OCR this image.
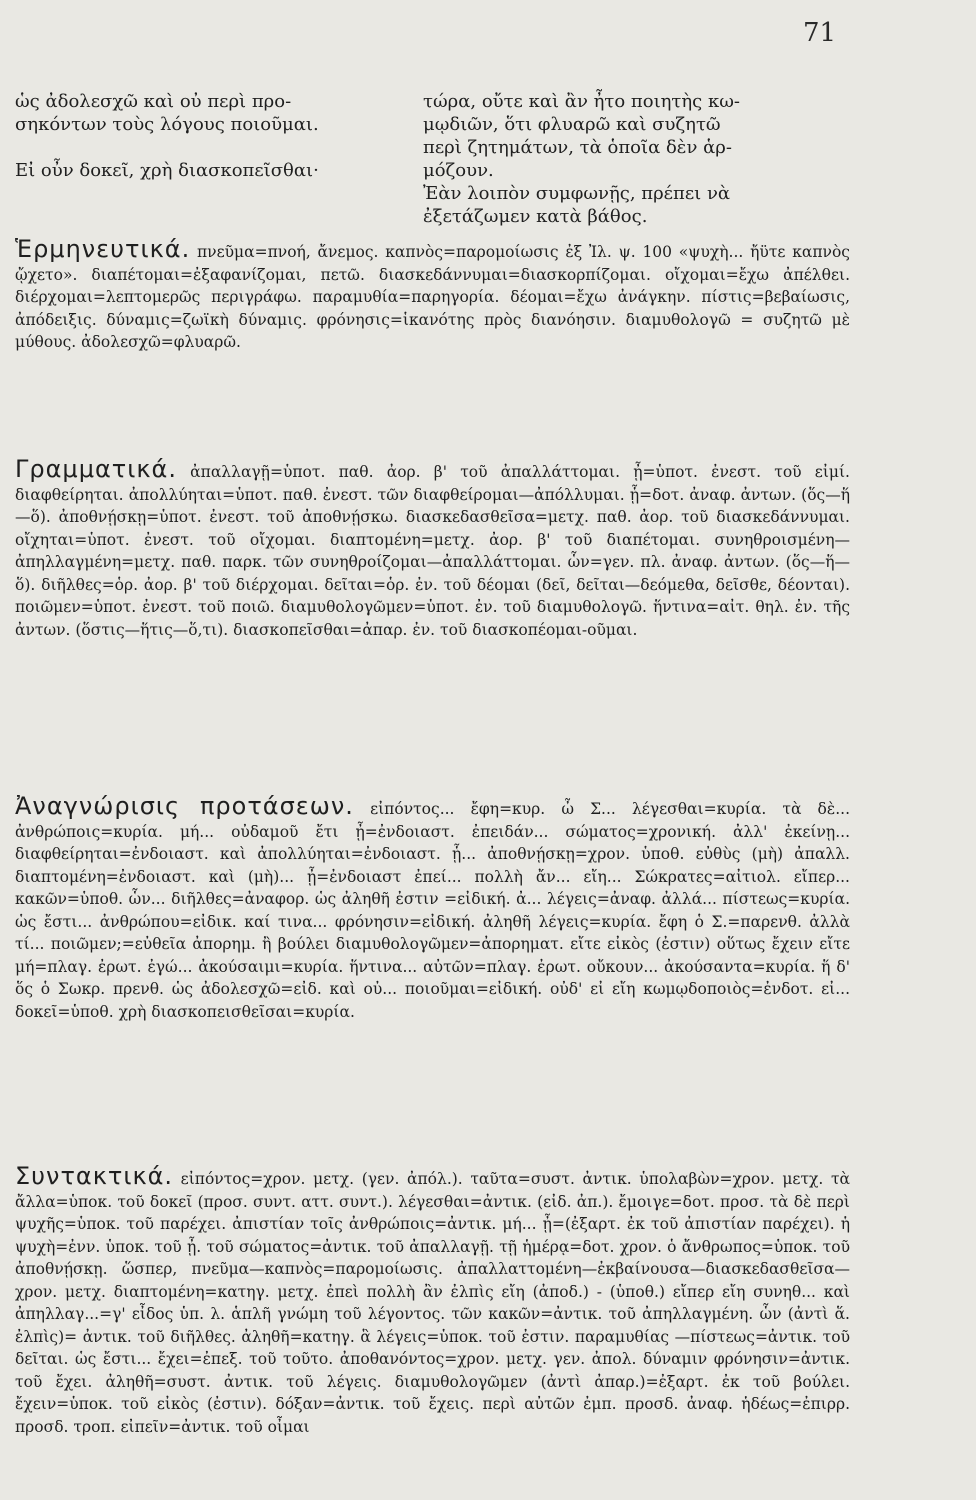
71
ὡς ἀδολεσχῶ καὶ οὐ περὶ προ-
σηκόντων τοὺς λόγους ποιοῦμαι.
Εἰ οὖν δοκεῖ, χρὴ διασκοπεῖσθαι·
τώρα, οὔτε καὶ ἂν ἦτο ποιητὴς κω-
μῳδιῶν, ὅτι φλυαρῶ καὶ συζητῶ
περὶ ζητημάτων, τὰ ὁποῖα δὲν ἁρ-
μόζουν.
Ἐὰν λοιπὸν συμφωνῇς, πρέπει νὰ
ἐξετάζωμεν κατὰ βάθος.
Ἑρμηνευτικά. πνεῦμα=πνοή, ἄνεμος. καπνὸς=παρομοίωσις ἐξ Ἰλ. ψ. 100 «ψυχὴ... ἤϋτε καπνὸς ᾤχετο». διαπέτομαι=ἐξαφανίζομαι, πετῶ. διασκεδάννυμαι=διασκορπίζομαι. οἴχομαι=ἔχω ἀπέλθει. διέρχομαι=λεπτομερῶς περιγράφω. παραμυθία=παρηγορία. δέομαι=ἔχω ἀνάγκην. πίστις=βεβαίωσις, ἀπόδειξις. δύναμις=ζωϊκὴ δύναμις. φρόνησις=ἱκανότης πρὸς διανόησιν. διαμυθολογῶ = συζητῶ μὲ μύθους. ἀδολεσχῶ=φλυαρῶ.
Γραμματικά. ἀπαλλαγῇ=ὑποτ. παθ. ἀορ. β' τοῦ ἀπαλλάττομαι. ᾖ=ὑποτ. ἐνεστ. τοῦ εἰμί. διαφθείρηται. ἀπολλύηται=ὑποτ. παθ. ἐνεστ. τῶν διαφθείρομαι—ἀπόλλυμαι. ᾗ=δοτ. ἀναφ. ἀντων. (ὅς—ἥ—ὅ). ἀποθνῄσκῃ=ὑποτ. ἐνεστ. τοῦ ἀποθνῄσκω. διασκεδασθεῖσα=μετχ. παθ. ἀορ. τοῦ διασκεδάννυμαι. οἴχηται=ὑποτ. ἐνεστ. τοῦ οἴχομαι. διαπτομένη=μετχ. ἀορ. β' τοῦ διαπέτομαι. συνηθροισμένη—ἀπηλλαγμένη=μετχ. παθ. παρκ. τῶν συνηθροίζομαι—ἀπαλλάττομαι. ὧν=γεν. πλ. ἀναφ. ἀντων. (ὅς—ἥ—ὅ). διῆλθες=ὁρ. ἀορ. β' τοῦ διέρχομαι. δεῖται=ὁρ. ἐν. τοῦ δέομαι (δεῖ, δεῖται—δεόμεθα, δεῖσθε, δέονται). ποιῶμεν=ὑποτ. ἐνεστ. τοῦ ποιῶ. διαμυθολογῶμεν=ὑποτ. ἐν. τοῦ διαμυθολογῶ. ἥντινα=αἰτ. θηλ. ἐν. τῆς ἀντων. (ὅστις—ἥτις—ὅ,τι). διασκοπεῖσθαι=ἀπαρ. ἐν. τοῦ διασκοπέομαι-οῦμαι.
Ἀναγνώρισις προτάσεων. εἰπόντος... ἔφη=κυρ. ὦ Σ... λέγεσθαι=κυρία. τὰ δὲ... ἀνθρώποις=κυρία. μή... οὐδαμοῦ ἔτι ᾖ=ἐνδοιαστ. ἐπειδάν... σώματος=χρονική. ἀλλ' ἐκείνῃ... διαφθείρηται=ἐνδοιαστ. καὶ ἀπολλύηται=ἐνδοιαστ. ᾗ... ἀποθνῄσκῃ=χρον. ὑποθ. εὐθὺς (μὴ) ἀπαλλ. διαπτομένη=ἐνδοιαστ. καὶ (μὴ)... ᾖ=ἐνδοιαστ ἐπεί... πολλὴ ἄν... εἴη... Σώκρατες=αἰτιολ. εἴπερ... κακῶν=ὑποθ. ὧν... διῆλθες=ἀναφορ. ὡς ἀληθῆ ἐστιν =εἰδική. ἀ... λέγεις=ἀναφ. ἀλλά... πίστεως=κυρία. ὡς ἔστι... ἀνθρώπου=εἰδικ. καί τινα... φρόνησιν=εἰδική. ἀληθῆ λέγεις=κυρία. ἔφη ὁ Σ.=παρενθ. ἀλλὰ τί... ποιῶμεν;=εὐθεῖα ἀπορημ. ἢ βούλει διαμυθολογῶμεν=ἀπορηματ. εἴτε εἰκὸς (ἐστιν) οὕτως ἔχειν εἴτε μή=πλαγ. ἐρωτ. ἐγώ... ἀκούσαιμι=κυρία. ἥντινα... αὐτῶν=πλαγ. ἐρωτ. οὔκουν... ἀκούσαντα=κυρία. ἥ δ' ὅς ὁ Σωκρ. πρενθ. ὡς ἀδολεσχῶ=εἰδ. καὶ οὐ... ποιοῦμαι=εἰδική. οὐδ' εἰ εἴη κωμῳδοποιὸς=ἐνδοτ. εἰ... δοκεῖ=ὑποθ. χρὴ διασκοπεισθεῖσαι=κυρία.
Συντακτικά. εἰπόντος=χρον. μετχ. (γεν. ἀπόλ.). ταῦτα=συστ. ἀντικ. ὑπολαβὼν=χρον. μετχ. τὰ ἄλλα=ὑποκ. τοῦ δοκεῖ (προσ. συντ. αττ. συντ.). λέγεσθαι=ἀντικ. (εἰδ. ἀπ.). ἔμοιγε=δοτ. προσ. τὰ δὲ περὶ ψυχῆς=ὑποκ. τοῦ παρέχει. ἀπιστίαν τοῖς ἀνθρώποις=ἀντικ. μή... ᾖ=(ἐξαρτ. ἐκ τοῦ ἀπιστίαν παρέχει). ἡ ψυχὴ=ἐνν. ὑποκ. τοῦ ᾖ. τοῦ σώματος=ἀντικ. τοῦ ἀπαλλαγῇ. τῇ ἡμέρᾳ=δοτ. χρον. ὁ ἄνθρωπος=ὑποκ. τοῦ ἀποθνῄσκῃ. ὥσπερ, πνεῦμα—καπνὸς=παρομοίωσις. ἀπαλλαττομένη—ἐκβαίνουσα—διασκεδασθεῖσα—χρον. μετχ. διαπτομένη=κατηγ. μετχ. ἐπεὶ πολλὴ ἂν ἐλπὶς εἴη (ἀποδ.) - (ὑποθ.) εἴπερ εἴη συνηθ... καὶ ἀπηλλαγ...=γ' εἶδος ὑπ. λ. ἁπλῆ γνώμη τοῦ λέγοντος. τῶν κακῶν=ἀντικ. τοῦ ἀπηλλαγμένη. ὧν (ἀντὶ ἅ. ἐλπὶς)= ἀντικ. τοῦ διῆλθες. ἀληθῆ=κατηγ. ἃ λέγεις=ὑποκ. τοῦ ἐστιν. παραμυθίας —πίστεως=ἀντικ. τοῦ δεῖται. ὡς ἔστι... ἔχει=ἐπεξ. τοῦ τοῦτο. ἀποθανόντος=χρον. μετχ. γεν. ἀπολ. δύναμιν φρόνησιν=ἀντικ. τοῦ ἔχει. ἀληθῆ=συστ. ἀντικ. τοῦ λέγεις. διαμυθολογῶμεν (ἀντὶ ἀπαρ.)=ἐξαρτ. ἐκ τοῦ βούλει. ἔχειν=ὑποκ. τοῦ εἰκὸς (ἐστιν). δόξαν=ἀντικ. τοῦ ἔχεις. περὶ αὐτῶν ἐμπ. προσδ. ἀναφ. ἡδέως=ἐπιρρ. προσδ. τροπ. εἰπεῖν=ἀντικ. τοῦ οἶμαι
